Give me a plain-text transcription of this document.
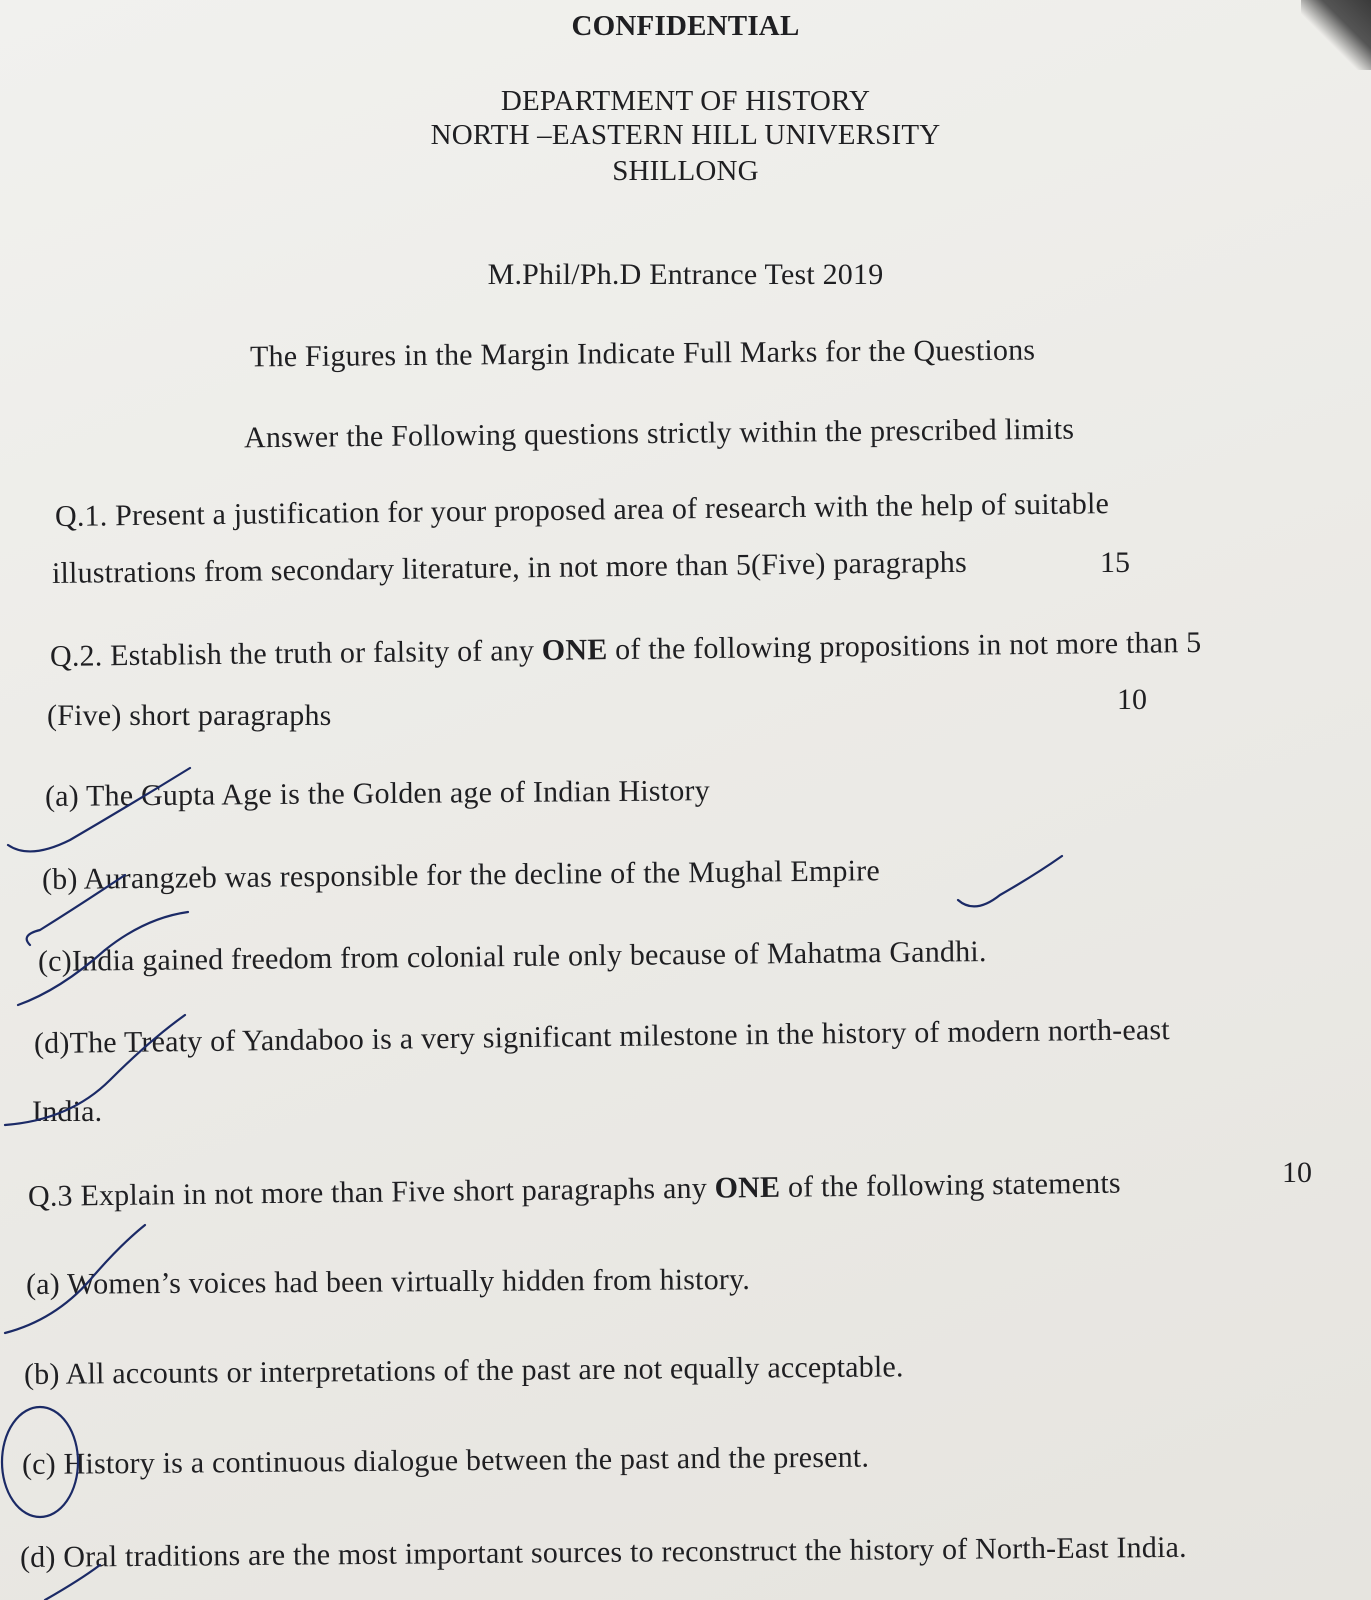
CONFIDENTIAL
DEPARTMENT OF HISTORY
NORTH –EASTERN HILL UNIVERSITY
SHILLONG
M.Phil/Ph.D Entrance Test 2019
The Figures in the Margin Indicate Full Marks for the Questions
Answer the Following questions strictly within the prescribed limits
Q.1. Present a justification for your proposed area of research with the help of suitable
illustrations from secondary literature, in not more than 5(Five) paragraphs	15
Q.2. Establish the truth or falsity of any ONE of the following propositions in not more than 5
(Five) short paragraphs	10
(a) The Gupta Age is the Golden age of Indian History
(b) Aurangzeb was responsible for the decline of the Mughal Empire
(c)India gained freedom from colonial rule only because of Mahatma Gandhi.
(d)The Treaty of Yandaboo is a very significant milestone in the history of modern north-east
India.
Q.3 Explain in not more than Five short paragraphs any ONE of the following statements	10
(a) Women’s voices had been virtually hidden from history.
(b) All accounts or interpretations of the past are not equally acceptable.
(c) History is a continuous dialogue between the past and the present.
(d) Oral traditions are the most important sources to reconstruct the history of North-East India.
